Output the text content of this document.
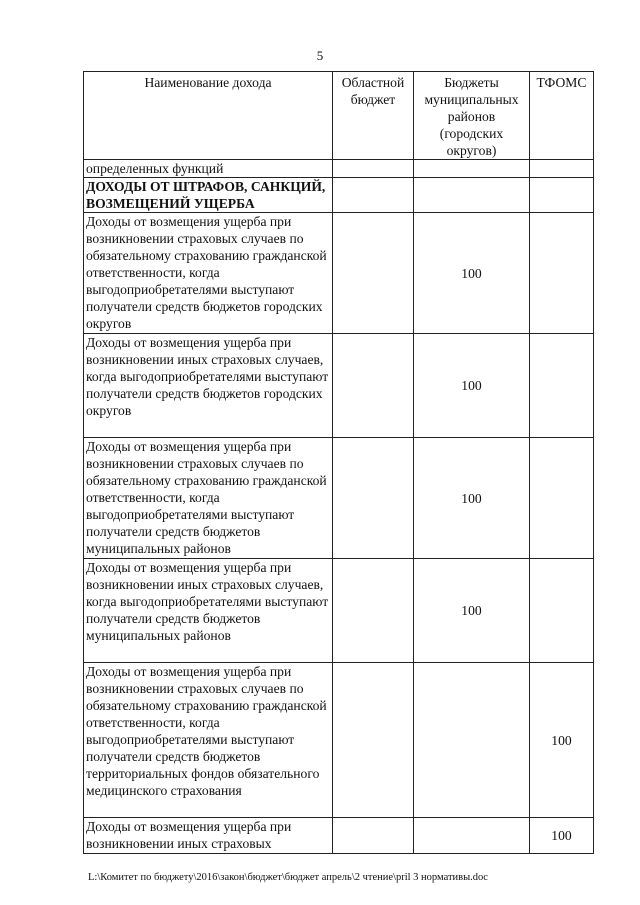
5
Наименование дохода	Областной бюджет	Бюджеты муниципальных районов (городских округов)	ТФОМС
определенных функций			
ДОХОДЫ ОТ ШТРАФОВ, САНКЦИЙ, ВОЗМЕЩЕНИЙ УЩЕРБА			
Доходы от возмещения ущерба при возникновении страховых случаев по обязательному страхованию гражданской ответственности, когда выгодоприобретателями выступают получатели средств бюджетов городских округов		100	
Доходы от возмещения ущерба при возникновении иных страховых случаев, когда выгодоприобретателями выступают получатели средств бюджетов городских округов		100	
Доходы от возмещения ущерба при возникновении страховых случаев по обязательному страхованию гражданской ответственности, когда выгодоприобретателями выступают получатели средств бюджетов муниципальных районов		100	
Доходы от возмещения ущерба при возникновении иных страховых случаев, когда выгодоприобретателями выступают получатели средств бюджетов муниципальных районов		100	
Доходы от возмещения ущерба при возникновении страховых случаев по обязательному страхованию гражданской ответственности, когда выгодоприобретателями выступают получатели средств бюджетов территориальных фондов обязательного медицинского страхования			100
Доходы от возмещения ущерба при возникновении иных страховых			100
L:\Комитет по бюджету\2016\закон\бюджет\бюджет апрель\2 чтение\pril 3 нормативы.doc
